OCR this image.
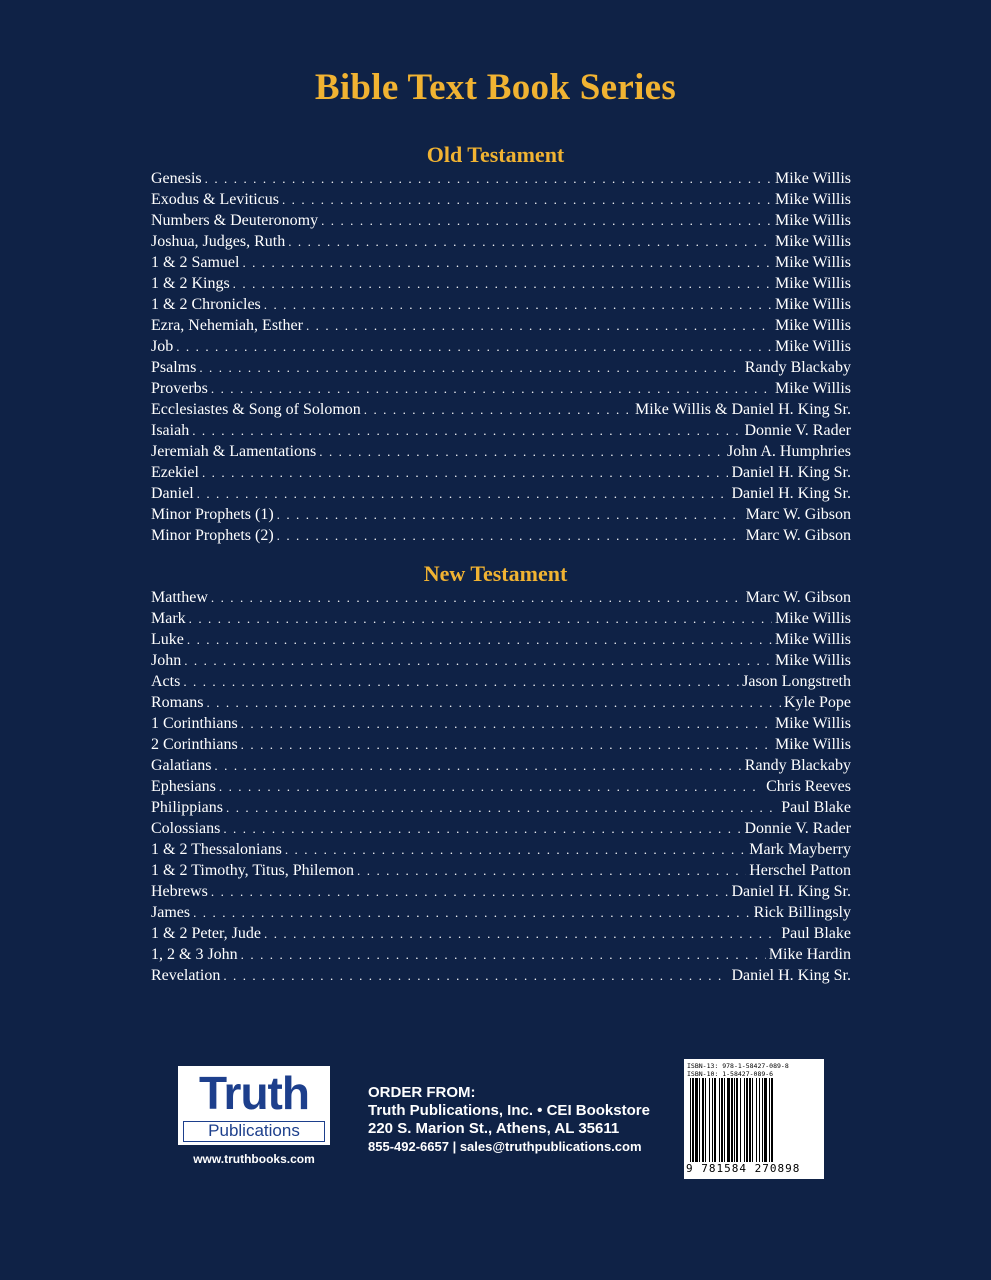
Bible Text Book Series
Old Testament
Genesis . . .	Mike Willis
Exodus & Leviticus . . .	Mike Willis
Numbers & Deuteronomy . . .	Mike Willis
Joshua, Judges, Ruth . . .	Mike Willis
1 & 2 Samuel . . .	Mike Willis
1 & 2 Kings . . .	Mike Willis
1 & 2 Chronicles . . .	Mike Willis
Ezra, Nehemiah, Esther . . .	Mike Willis
Job . . .	Mike Willis
Psalms . . .	Randy Blackaby
Proverbs . . .	Mike Willis
Ecclesiastes & Song of Solomon . . .	Mike Willis & Daniel H. King Sr.
Isaiah . . .	Donnie V. Rader
Jeremiah & Lamentations . . .	John A. Humphries
Ezekiel . . .	Daniel H. King Sr.
Daniel . . .	Daniel H. King Sr.
Minor Prophets (1) . . .	Marc W. Gibson
Minor Prophets (2) . . .	Marc W. Gibson
New Testament
Matthew . . .	Marc W. Gibson
Mark . . .	Mike Willis
Luke . . .	Mike Willis
John . . .	Mike Willis
Acts . . .	Jason Longstreth
Romans . . .	Kyle Pope
1 Corinthians . . .	Mike Willis
2 Corinthians . . .	Mike Willis
Galatians . . .	Randy Blackaby
Ephesians . . .	Chris Reeves
Philippians . . .	Paul Blake
Colossians . . .	Donnie V. Rader
1 & 2 Thessalonians . . .	Mark Mayberry
1 & 2 Timothy, Titus, Philemon . . .	Herschel Patton
Hebrews . . .	Daniel H. King Sr.
James . . .	Rick Billingsly
1 & 2 Peter, Jude . . .	Paul Blake
1, 2 & 3 John . . .	Mike Hardin
Revelation . . .	Daniel H. King Sr.
Truth
Publications
www.truthbooks.com
ORDER FROM:
Truth Publications, Inc. • CEI Bookstore
220 S. Marion St., Athens, AL 35611
855-492-6657 | sales@truthpublications.com
ISBN-13: 978-1-58427-089-8
ISBN-10: 1-58427-089-6
9 781584 270898
